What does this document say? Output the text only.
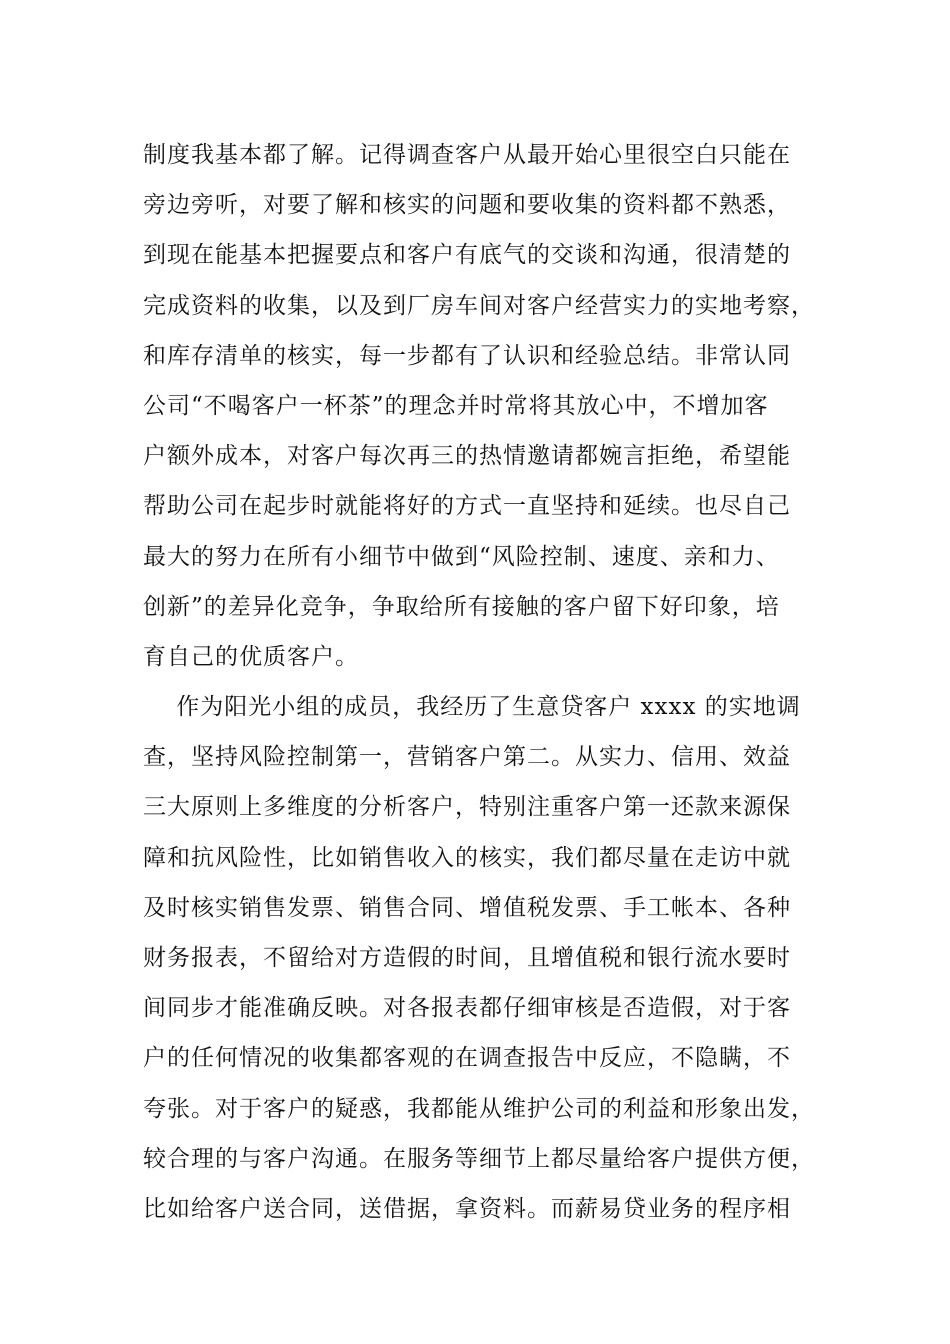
制度我基本都了解。记得调查客户从最开始心里很空白只能在
旁边旁听，对要了解和核实的问题和要收集的资料都不熟悉，
到现在能基本把握要点和客户有底气的交谈和沟通，很清楚的
完成资料的收集，以及到厂房车间对客户经营实力的实地考察，
和库存清单的核实，每一步都有了认识和经验总结。非常认同
公司“不喝客户一杯茶”的理念并时常将其放心中，不增加客
户额外成本，对客户每次再三的热情邀请都婉言拒绝，希望能
帮助公司在起步时就能将好的方式一直坚持和延续。也尽自己
最大的努力在所有小细节中做到“风险控制、速度、亲和力、
创新”的差异化竞争，争取给所有接触的客户留下好印象，培
育自己的优质客户。
作为阳光小组的成员，我经历了生意贷客户 xxxx 的实地调
查，坚持风险控制第一，营销客户第二。从实力、信用、效益
三大原则上多维度的分析客户，特别注重客户第一还款来源保
障和抗风险性，比如销售收入的核实，我们都尽量在走访中就
及时核实销售发票、销售合同、增值税发票、手工帐本、各种
财务报表，不留给对方造假的时间，且增值税和银行流水要时
间同步才能准确反映。对各报表都仔细审核是否造假，对于客
户的任何情况的收集都客观的在调查报告中反应，不隐瞒，不
夸张。对于客户的疑惑，我都能从维护公司的利益和形象出发，
较合理的与客户沟通。在服务等细节上都尽量给客户提供方便，
比如给客户送合同，送借据，拿资料。而薪易贷业务的程序相
